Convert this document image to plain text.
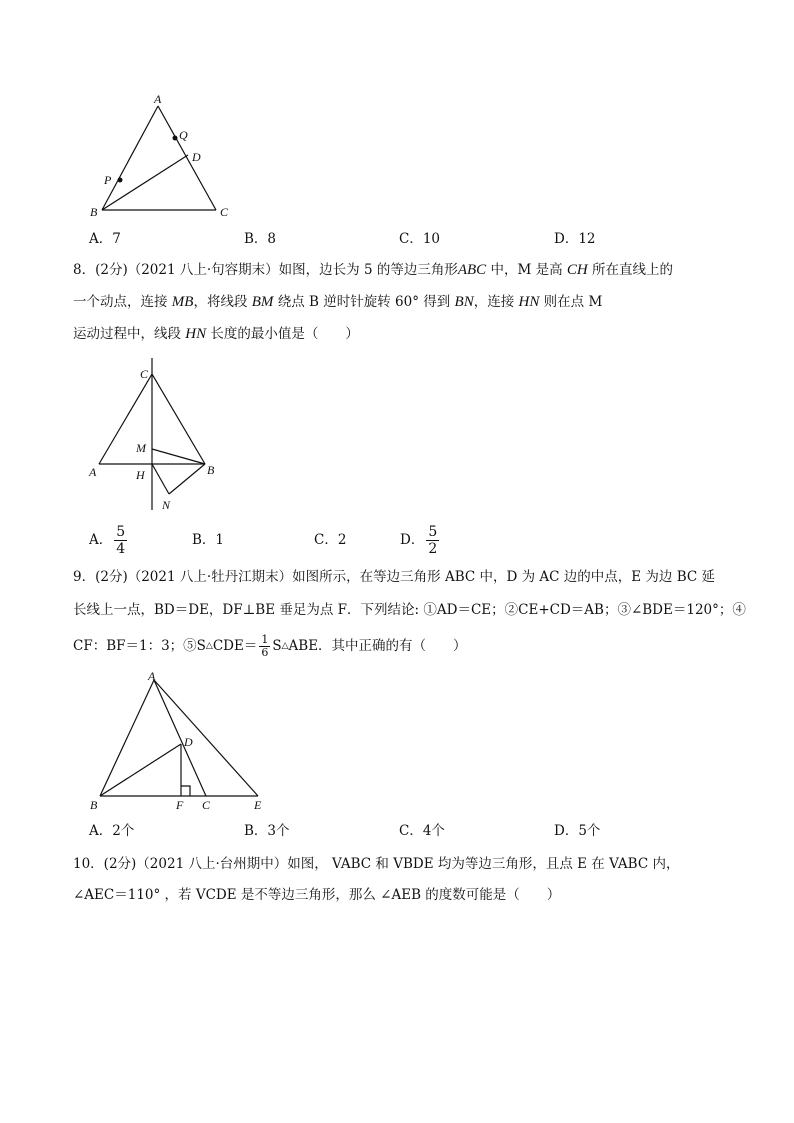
A
Q
D
P
B	C
A．7	B．8	C．10	D．12
8．(2分)（2021 八上·句容期末）如图，边长为 5 的等边三角形ABC 中，M 是高 CH 所在直线上的
一个动点，连接 MB，将线段 BM 绕点 B 逆时针旋转 60° 得到 BN，连接 HN 则在点 M
运动过程中，线段 HN 长度的最小值是（　　）
C
M
A	H	B
N
A． $\frac{5}{4}$	B．1	C．2	D． $\frac{5}{2}$
9．(2分)（2021 八上·牡丹江期末）如图所示，在等边三角形 ABC 中，D 为 AC 边的中点，E 为边 BC 延
长线上一点，BD＝DE，DF⊥BE 垂足为点 F．下列结论: ①AD＝CE；②CE+CD＝AB；③∠BDE＝120°；④
CF：BF＝1：3；⑤S △ $CDE= \frac{1}{6}$ S △ ABE．其中正确的有（　　）
A
D
B	F C	E
A．2个	B．3个	C．4个	D．5个
10．(2分)（2021 八上·台州期中）如图， VABC 和 VBDE 均为等边三角形，且点 E 在 VABC 内，
∠AEC＝110° ，若 VCDE 是不等边三角形，那么 ∠AEB 的度数可能是（　　）
